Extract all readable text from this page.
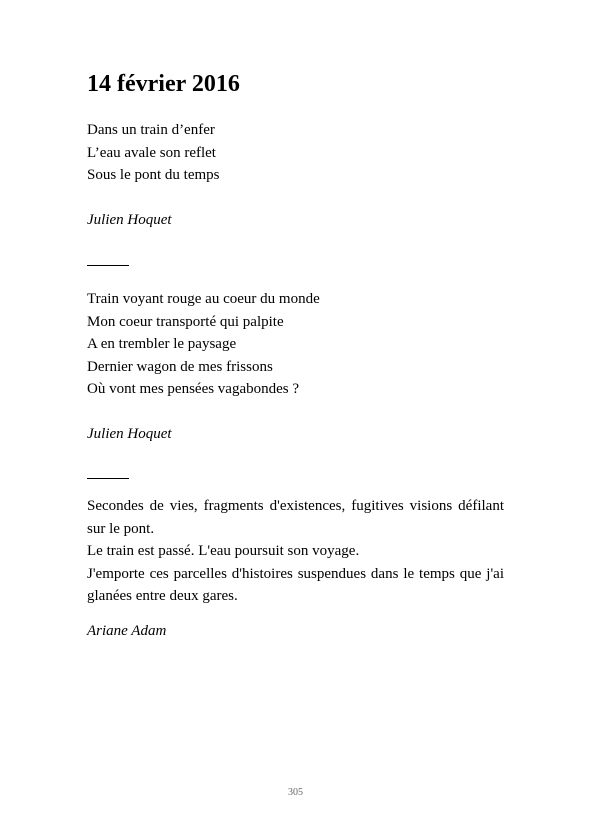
14 février 2016
Dans un train d’enfer
L’eau avale son reflet
Sous le pont du temps
Julien Hoquet
Train voyant rouge au coeur du monde
Mon coeur transporté qui palpite
A en trembler le paysage
Dernier wagon de mes frissons
Où vont mes pensées vagabondes ?
Julien Hoquet

Secondes de vies, fragments d'existences, fugitives visions défilant sur le pont.

Le train est passé. L'eau poursuit son voyage.

J'emporte ces parcelles d'histoires suspendues dans le temps que j'ai glanées entre deux gares.

Ariane Adam
305
